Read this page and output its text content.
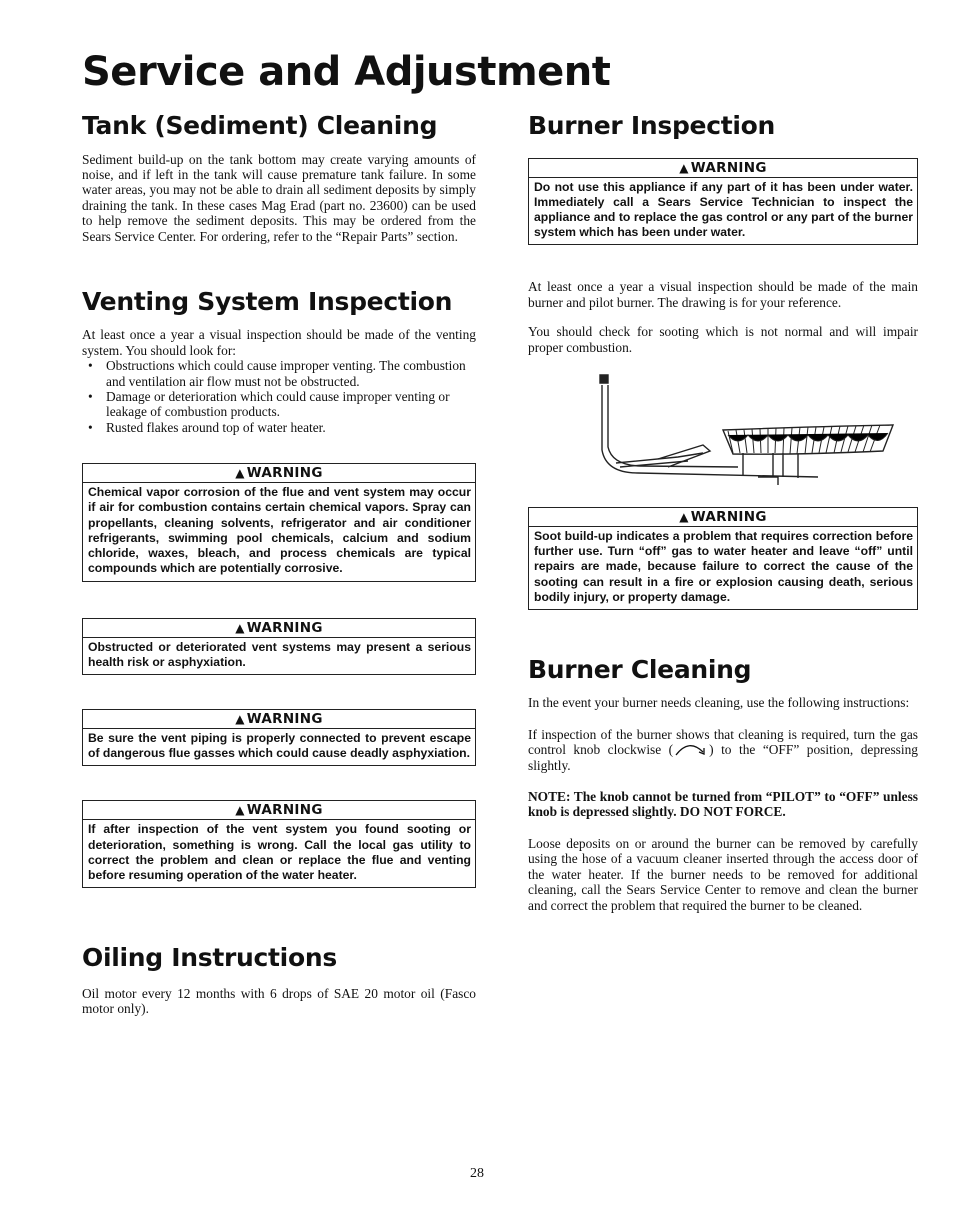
Service and Adjustment
Tank (Sediment) Cleaning

Sediment build-up on the tank bottom may create varying amounts of noise, and if left in the tank will cause premature tank failure. In some water areas, you may not be able to drain all sediment deposits by simply draining the tank. In these cases Mag Erad (part no. 23600) can be used to help remove the sediment deposits. This may be ordered from the Sears Service Center. For ordering, refer to the “Repair Parts” section.

Venting System Inspection

At least once a year a visual inspection should be made of the venting system. You should look for:

• Obstructions which could cause improper venting. The combustion and ventilation air flow must not be obstructed.
• Damage or deterioration which could cause improper venting or leakage of combustion products.
• Rusted flakes around top of water heater.
▲ WARNING
Chemical vapor corrosion of the flue and vent system may occur if air for combustion contains certain chemical vapors. Spray can propellants, cleaning solvents, refrigerator and air conditioner refrigerants, swimming pool chemicals, calcium and sodium chloride, waxes, bleach, and process chemicals are typical compounds which are potentially corrosive.
▲ WARNING
Obstructed or deteriorated vent systems may present a serious health risk or asphyxiation.
▲ WARNING
Be sure the vent piping is properly connected to prevent escape of dangerous flue gasses which could cause deadly asphyxiation.
▲ WARNING
If after inspection of the vent system you found sooting or deterioration, something is wrong. Call the local gas utility to correct the problem and clean or replace the flue and venting before resuming operation of the water heater.
Oiling Instructions

Oil motor every 12 months with 6 drops of SAE 20 motor oil (Fasco motor only).

Burner Inspection
▲ WARNING
Do not use this appliance if any part of it has been under water. Immediately call a Sears Service Technician to inspect the appliance and to replace the gas control or any part of the burner system which has been under water.

At least once a year a visual inspection should be made of the main burner and pilot burner. The drawing is for your reference.

You should check for sooting which is not normal and will impair proper combustion.

▲ WARNING
Soot build-up indicates a problem that requires correction before further use. Turn “off” gas to water heater and leave “off” until repairs are made, because failure to correct the cause of the sooting can result in a fire or explosion causing death, serious bodily injury, or property damage.
Burner Cleaning

In the event your burner needs cleaning, use the following instructions:

If inspection of the burner shows that cleaning is required, turn the gas control knob clockwise (	) to the “OFF” position, depressing slightly.

NOTE: The knob cannot be turned from “PILOT” to “OFF” unless knob is depressed slightly. DO NOT FORCE.

Loose deposits on or around the burner can be removed by carefully using the hose of a vacuum cleaner inserted through the access door of the water heater. If the burner needs to be removed for additional cleaning, call the Sears Service Center to remove and clean the burner and correct the problem that required the burner to be cleaned.

28
